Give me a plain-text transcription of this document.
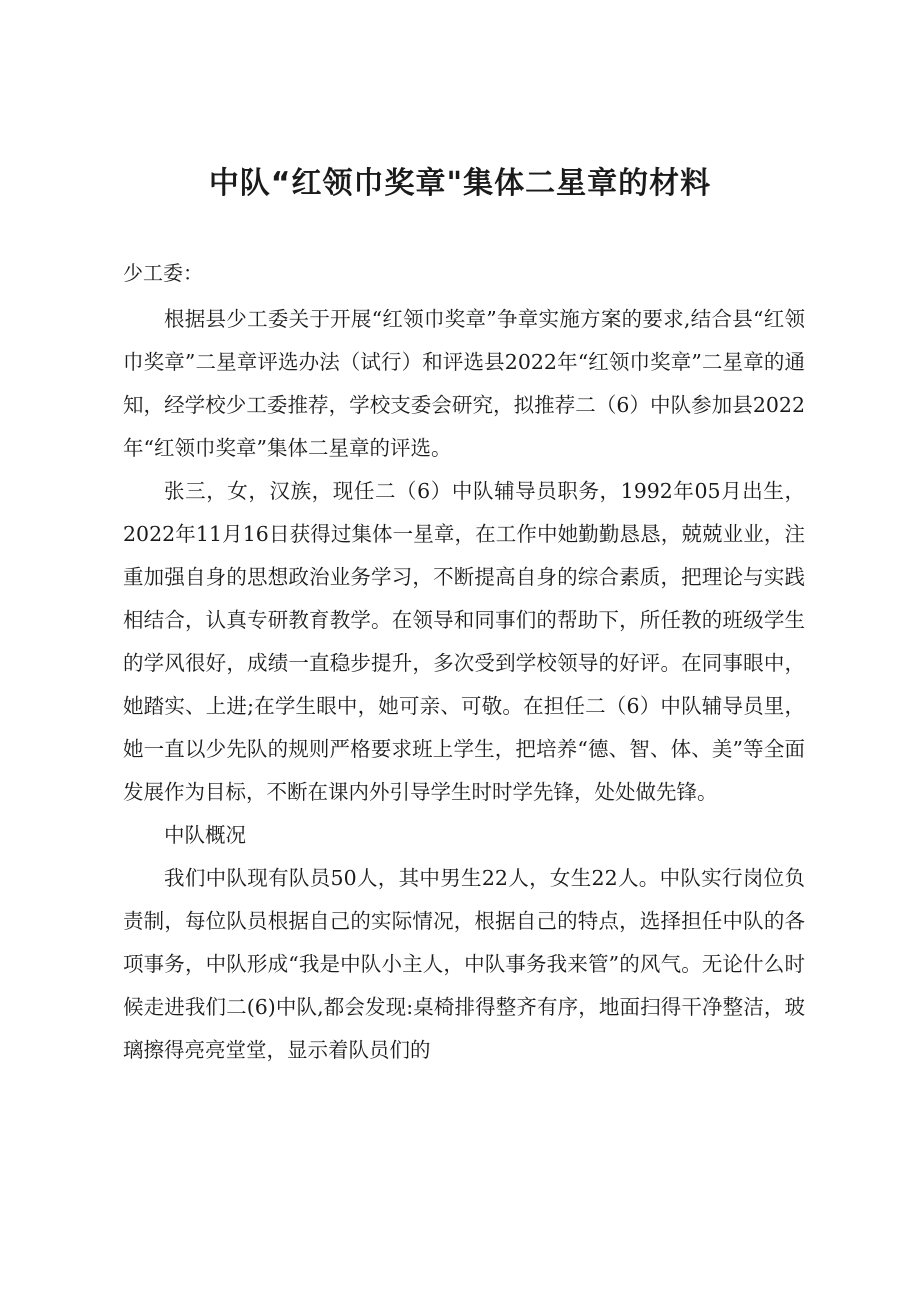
中队“红领巾奖章"集体二星章的材料

少工委：

根据县少工委关于开展“红领巾奖章”争章实施方案的要求,结合县“红领巾奖章”二星章评选办法（试行）和评选县2022年“红领巾奖章”二星章的通知，经学校少工委推荐，学校支委会研究，拟推荐二（6）中队参加县2022年“红领巾奖章”集体二星章的评选。

张三，女，汉族，现任二（6）中队辅导员职务，1992年05月出生，2022年11月16日获得过集体一星章，在工作中她勤勤恳恳，兢兢业业，注重加强自身的思想政治业务学习，不断提高自身的综合素质，把理论与实践相结合，认真专研教育教学。在领导和同事们的帮助下，所任教的班级学生的学风很好，成绩一直稳步提升，多次受到学校领导的好评。在同事眼中，她踏实、上进;在学生眼中，她可亲、可敬。在担任二（6）中队辅导员里，她一直以少先队的规则严格要求班上学生，把培养“德、智、体、美”等全面发展作为目标，不断在课内外引导学生时时学先锋，处处做先锋。

中队概况

我们中队现有队员50人，其中男生22人，女生22人。中队实行岗位负责制，每位队员根据自己的实际情况，根据自己的特点，选择担任中队的各项事务，中队形成“我是中队小主人，中队事务我来管”的风气。无论什么时候走进我们二(6)中队,都会发现:桌椅排得整齐有序，地面扫得干净整洁，玻璃擦得亮亮堂堂，显示着队员们的
